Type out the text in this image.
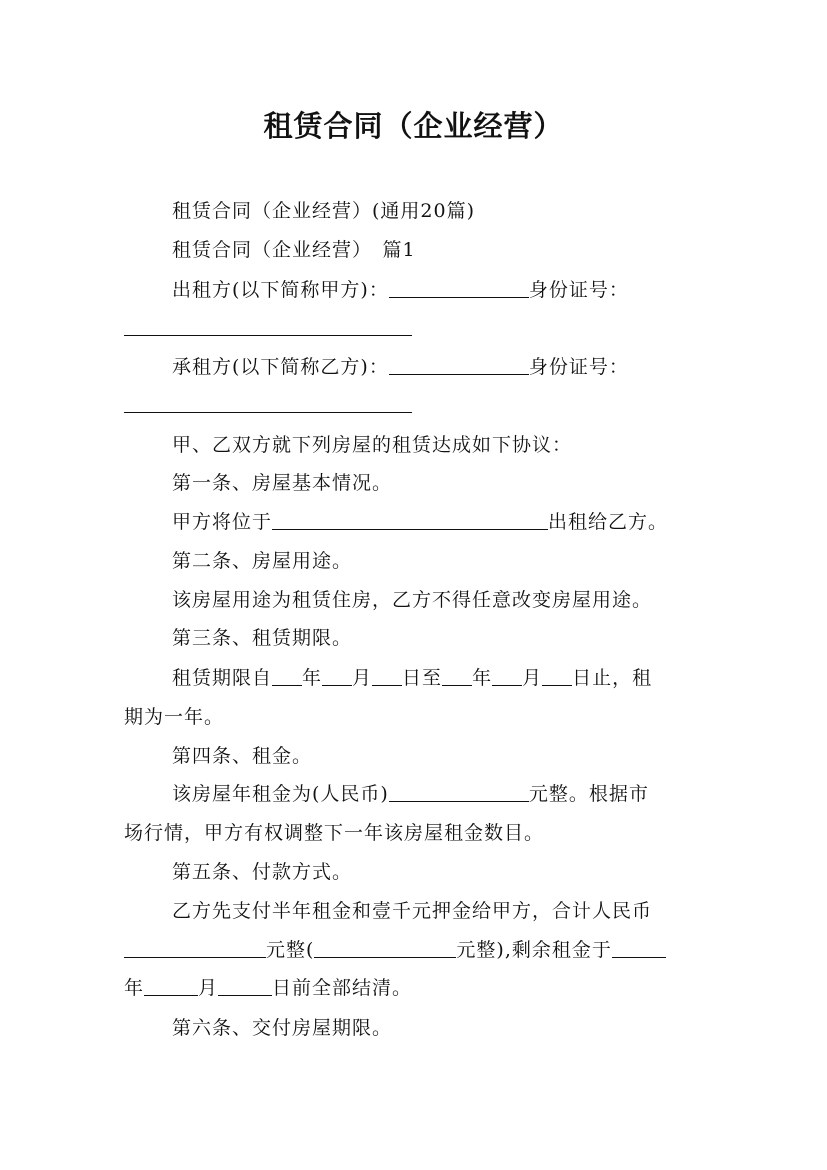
租赁合同（企业经营）
租赁合同（企业经营）(通用20篇)
租赁合同（企业经营）　篇1
出租方(以下简称甲方)：	身份证号：
承租方(以下简称乙方)：	身份证号：
甲、乙双方就下列房屋的租赁达成如下协议：
第一条、房屋基本情况。
甲方将位于	出租给乙方。
第二条、房屋用途。
该房屋用途为租赁住房，乙方不得任意改变房屋用途。
第三条、租赁期限。
租赁期限自 年 月 日至 年 月 日止，租
期为一年。
第四条、租金。
该房屋年租金为(人民币)	元整。根据市
场行情，甲方有权调整下一年该房屋租金数目。
第五条、付款方式。
乙方先支付半年租金和壹千元押金给甲方，合计人民币
元整(	元整),剩余租金于
年	月	日前全部结清。
第六条、交付房屋期限。
